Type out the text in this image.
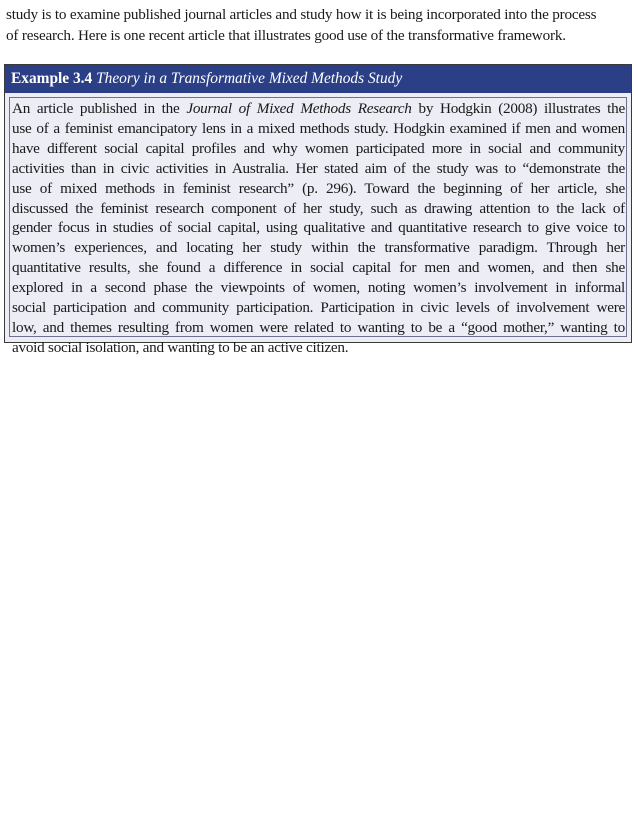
study is to examine published journal articles and study how it is being incorporated into the process
of research. Here is one recent article that illustrates good use of the transformative framework.

Example 3.4 Theory in a Transformative Mixed Methods Study
An article published in the Journal of Mixed Methods Research by Hodgkin (2008) illustrates the
use of a feminist emancipatory lens in a mixed methods study. Hodgkin examined if men and women
have different social capital profiles and why women participated more in social and community
activities than in civic activities in Australia. Her stated aim of the study was to “demonstrate the
use of mixed methods in feminist research” (p. 296). Toward the beginning of her article, she
discussed the feminist research component of her study, such as drawing attention to the lack of
gender focus in studies of social capital, using qualitative and quantitative research to give voice to
women’s experiences, and locating her study within the transformative paradigm. Through her
quantitative results, she found a difference in social capital for men and women, and then she
explored in a second phase the viewpoints of women, noting women’s involvement in informal
social participation and community participation. Participation in civic levels of involvement were
low, and themes resulting from women were related to wanting to be a “good mother,” wanting to
avoid social isolation, and wanting to be an active citizen.
